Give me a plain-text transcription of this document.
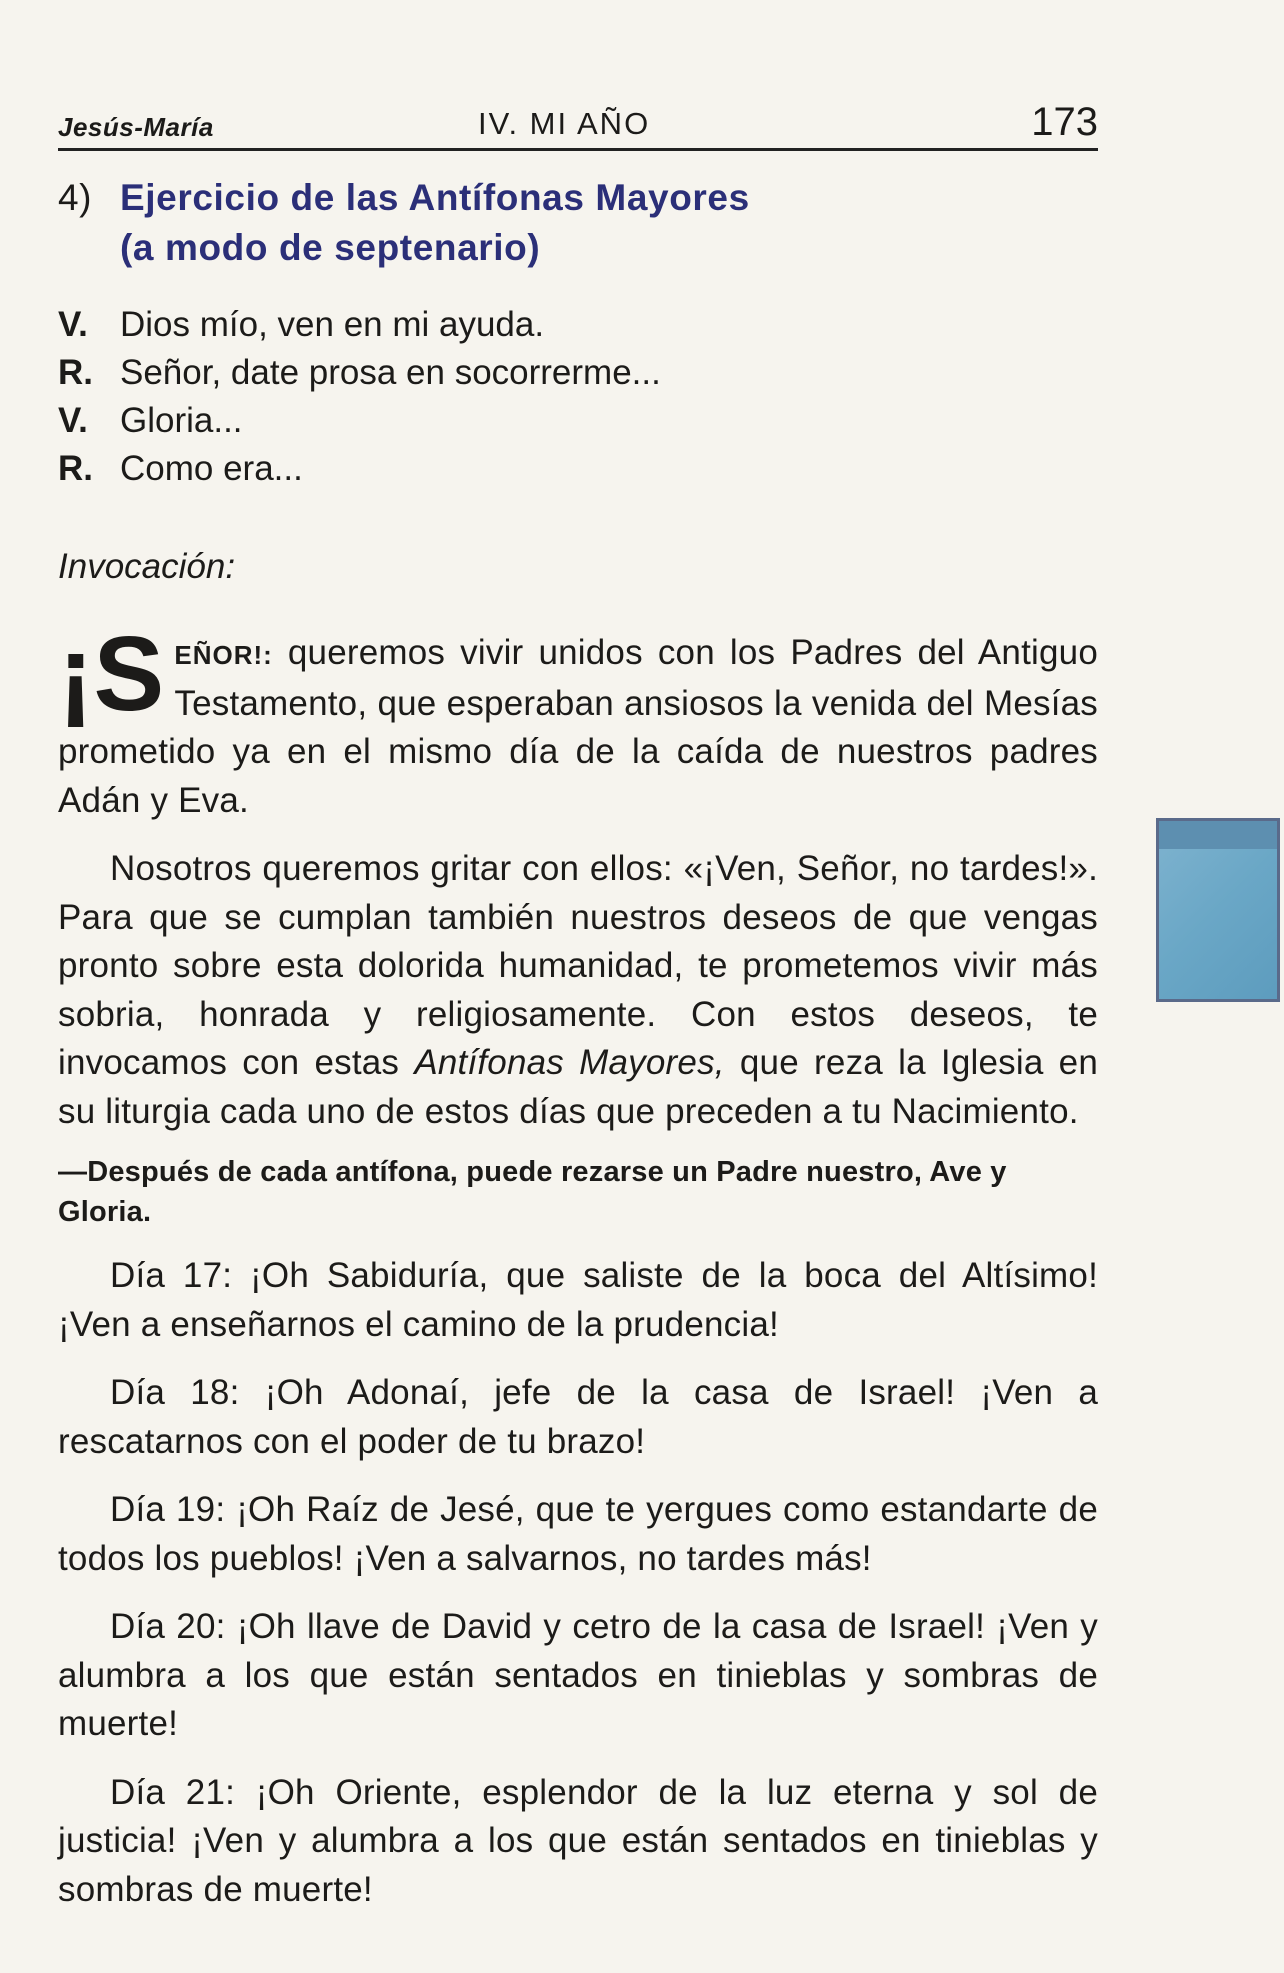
Jesús-María	IV. MI AÑO	173
4) Ejercicio de las Antífonas Mayores
(a modo de septenario)
V. Dios mío, ven en mi ayuda.
R. Señor, date prosa en socorrerme...
V. Gloria...
R. Como era...
Invocación:

¡S EÑOR!: queremos vivir unidos con los Padres del Antiguo Testamento, que esperaban ansiosos la venida del Mesías prometido ya en el mismo día de la caída de nuestros padres Adán y Eva.

Nosotros queremos gritar con ellos: «¡Ven, Señor, no tardes!». Para que se cumplan también nuestros deseos de que vengas pronto sobre esta dolorida humanidad, te prometemos vivir más sobria, honrada y religiosamente. Con estos deseos, te invocamos con estas Antífonas Mayores, que reza la Iglesia en su liturgia cada uno de estos días que preceden a tu Nacimiento.

—Después de cada antífona, puede rezarse un Padre nuestro, Ave y Gloria.

Día 17: ¡Oh Sabiduría, que saliste de la boca del Altísimo! ¡Ven a enseñarnos el camino de la prudencia!

Día 18: ¡Oh Adonaí, jefe de la casa de Israel! ¡Ven a rescatarnos con el poder de tu brazo!

Día 19: ¡Oh Raíz de Jesé, que te yergues como estandarte de todos los pueblos! ¡Ven a salvarnos, no tardes más!

Día 20: ¡Oh llave de David y cetro de la casa de Israel! ¡Ven y alumbra a los que están sentados en tinieblas y sombras de muerte!

Día 21: ¡Oh Oriente, esplendor de la luz eterna y sol de justicia! ¡Ven y alumbra a los que están sentados en tinieblas y sombras de muerte!
